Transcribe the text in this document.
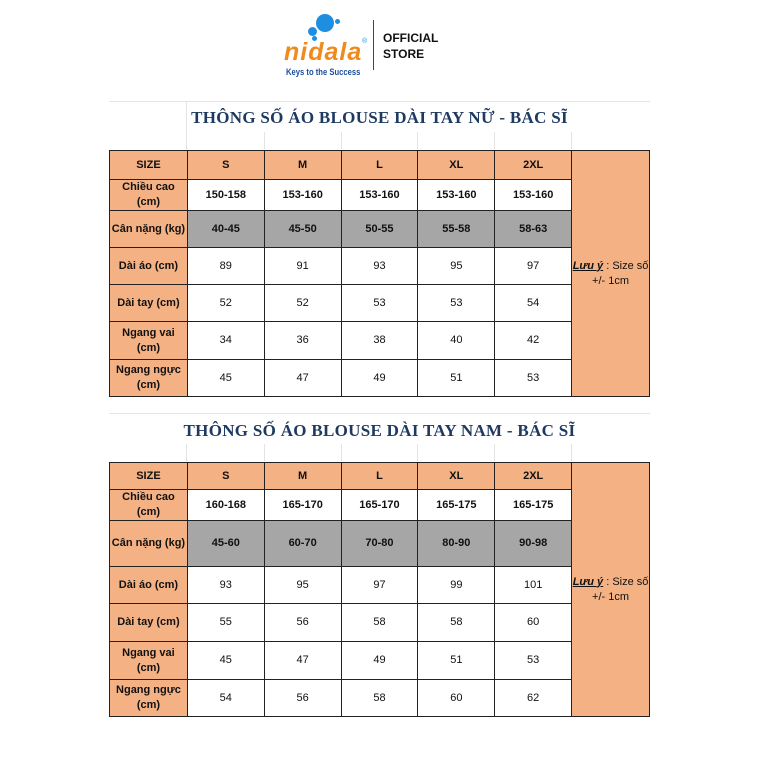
nidala ®
Keys to the Success
OFFICIAL
STORE
THÔNG SỐ ÁO BLOUSE DÀI TAY NỮ - BÁC SĨ
SIZE	S	M	L	XL	2XL	Lưu ý : Size số +/- 1cm
Chiều cao (cm)	150-158	153-160	153-160	153-160	153-160	
Cân nặng (kg)	40-45	45-50	50-55	55-58	58-63	
Dài áo (cm)	89	91	93	95	97	
Dài tay (cm)	52	52	53	53	54	
Ngang vai (cm)	34	36	38	40	42	
Ngang ngực (cm)	45	47	49	51	53	
THÔNG SỐ ÁO BLOUSE DÀI TAY NAM - BÁC SĨ
SIZE	S	M	L	XL	2XL	Lưu ý : Size số +/- 1cm
Chiều cao (cm)	160-168	165-170	165-170	165-175	165-175	
Cân nặng (kg)	45-60	60-70	70-80	80-90	90-98	
Dài áo (cm)	93	95	97	99	101	
Dài tay (cm)	55	56	58	58	60	
Ngang vai (cm)	45	47	49	51	53	
Ngang ngực (cm)	54	56	58	60	62	
